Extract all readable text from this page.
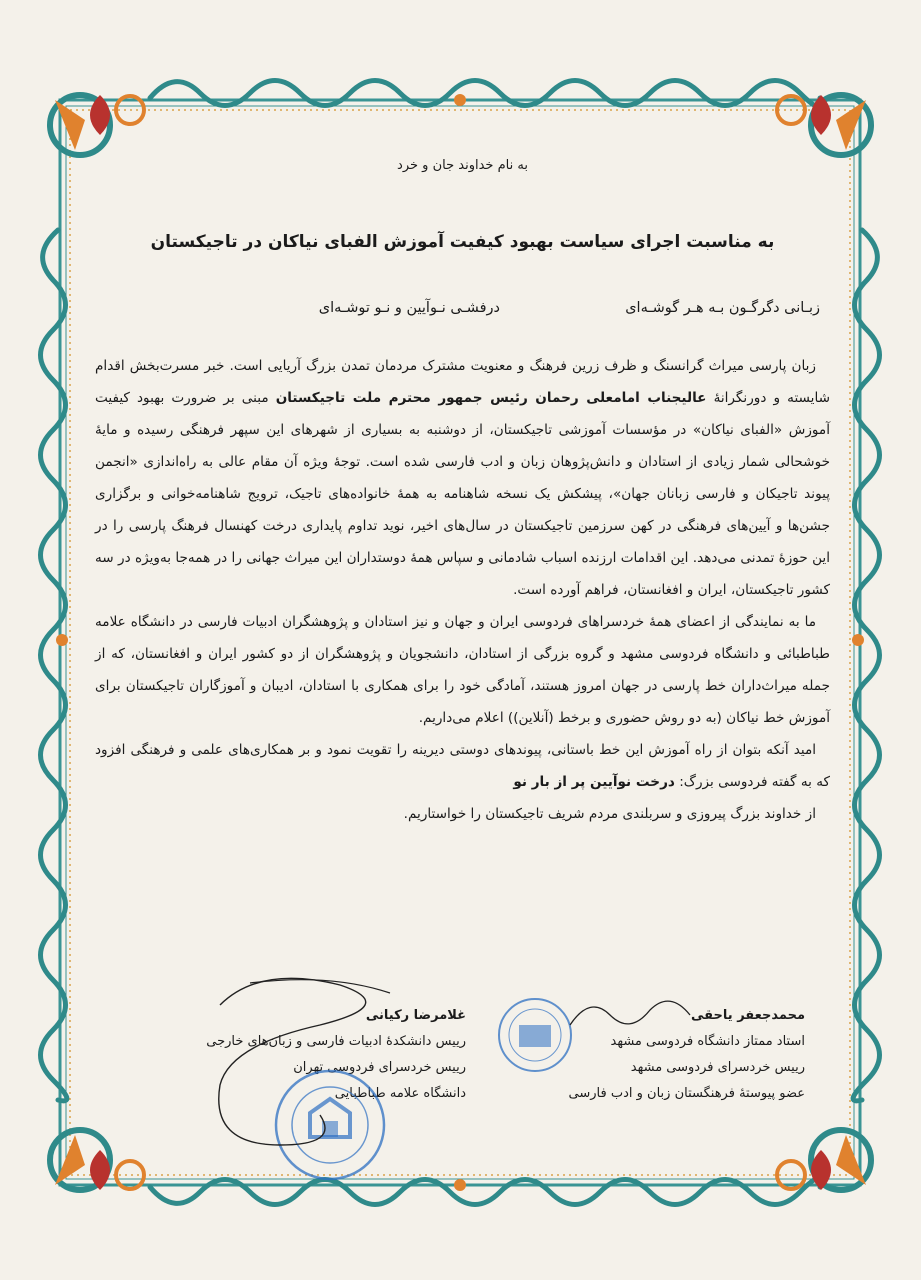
به نام خداوند جان و خرد

به مناسبت اجرای سیاست بهبود کیفیت آموزش الفبای نیاکان در تاجیکستان

زبـانی دگرگـون بـه هـر گوشـه‌ای
درفشـی نـوآیین و نـو توشـه‌ای

زبان پارسی میراث گرانسنگ و ظرف زرین فرهنگ و معنویت مشترک مردمان تمدن بزرگ آریایی است. خبر مسرت‌بخش اقدام شایسته و دورنگرانهٔ عالیجناب امامعلی رحمان رئیس جمهور محترم ملت تاجیکستان مبنی بر ضرورت بهبود کیفیت آموزش «الفبای نیاکان» در مؤسسات آموزشی تاجیکستان، از دوشنبه به بسیاری از شهرهای این سپهر فرهنگی رسیده و مایهٔ خوشحالی شمار زیادی از استادان و دانش‌پژوهان زبان و ادب فارسی شده است. توجهٔ ویژه آن مقام عالی به راه‌اندازی «انجمن پیوند تاجیکان و فارسی زبانان جهان»، پیشکش یک نسخه شاهنامه به همهٔ خانواده‌های تاجیک، ترویج شاهنامه‌خوانی و برگزاری جشن‌ها و آیین‌های فرهنگی در کهن سرزمین تاجیکستان در سال‌های اخیر، نوید تداوم پایداری درخت کهنسال فرهنگ پارسی را در این حوزهٔ تمدنی می‌دهد. این اقدامات ارزنده اسباب شادمانی و سپاس همهٔ دوستداران این میراث جهانی را در همه‌جا به‌ویژه در سه کشور تاجیکستان، ایران و افغانستان، فراهم آورده است.

ما به نمایندگی از اعضای همهٔ خردسراهای فردوسی ایران و جهان و نیز استادان و پژوهشگران ادبیات فارسی در دانشگاه علامه طباطبائی و دانشگاه فردوسی مشهد و گروه بزرگی از استادان، دانشجویان و پژوهشگران از دو کشور ایران و افغانستان، که از جمله میراث‌داران خط پارسی در جهان امروز هستند، آمادگی خود را برای همکاری با استادان، ادیبان و آموزگاران تاجیکستان برای آموزش خط نیاکان (به دو روش حضوری و برخط (آنلاین)) اعلام می‌داریم.

امید آنکه بتوان از راه آموزش این خط باستانی، پیوندهای دوستی دیرینه را تقویت نمود و بر همکاری‌های علمی و فرهنگی افزود که به گفته فردوسی بزرگ: درخت نوآیین پر از بار نو

از خداوند بزرگ پیروزی و سربلندی مردم شریف تاجیکستان را خواستاریم.

محمدجعفر یاحقی
استاد ممتاز دانشگاه فردوسی مشهد
رییس خردسرای فردوسی مشهد
عضو پیوستهٔ فرهنگستان زبان و ادب فارسی
غلامرضا رکیانی
رییس دانشکدهٔ ادبیات فارسی و زبان‌های خارجی
رییس خردسرای فردوسی تهران
دانشگاه علامه طباطبایی
